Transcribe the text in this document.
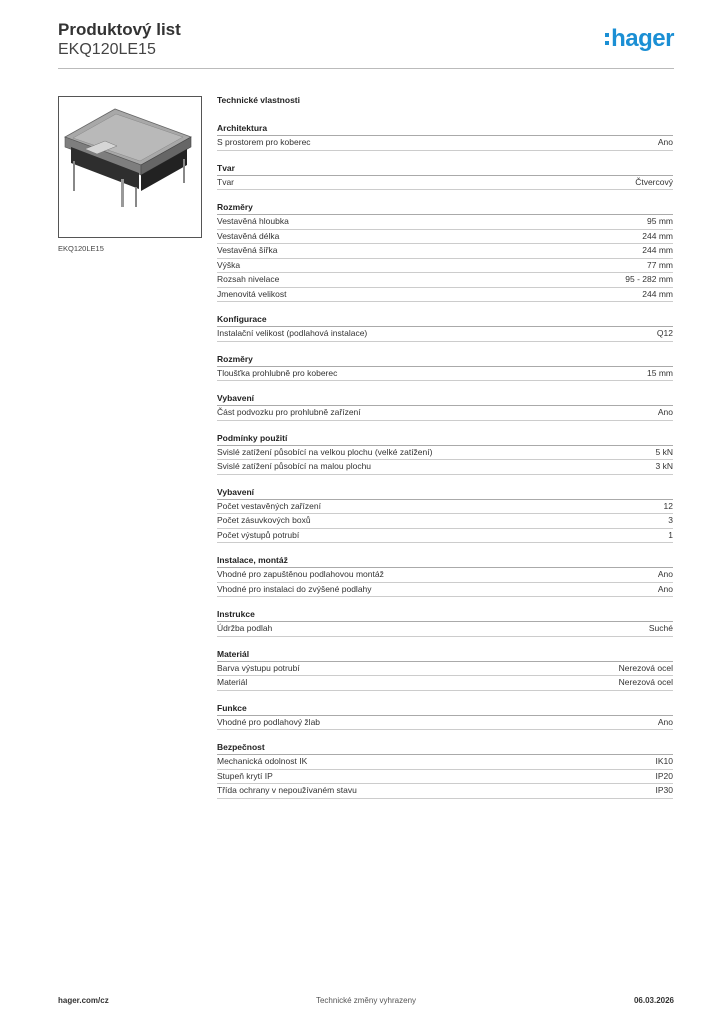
Produktový list
EKQ120LE15	hager
EKQ120LE15
Technické vlastnosti
Architektura
S prostorem pro koberec	Ano
Tvar
Tvar	Čtvercový
Rozměry
Vestavěná hloubka	95 mm
Vestavěná délka	244 mm
Vestavěná šířka	244 mm
Výška	77 mm
Rozsah nivelace	95 - 282 mm
Jmenovitá velikost	244 mm
Konfigurace
Instalační velikost (podlahová instalace)	Q12
Rozměry
Tloušťka prohlubně pro koberec	15 mm
Vybavení
Část podvozku pro prohlubně zařízení	Ano
Podmínky použití
Svislé zatížení působící na velkou plochu (velké zatížení)	5 kN
Svislé zatížení působící na malou plochu	3 kN
Vybavení
Počet vestavěných zařízení	12
Počet zásuvkových boxů	3
Počet výstupů potrubí	1
Instalace, montáž
Vhodné pro zapuštěnou podlahovou montáž	Ano
Vhodné pro instalaci do zvýšené podlahy	Ano
Instrukce
Údržba podlah	Suché
Materiál
Barva výstupu potrubí	Nerezová ocel
Materiál	Nerezová ocel
Funkce
Vhodné pro podlahový žlab	Ano
Bezpečnost
Mechanická odolnost IK	IK10
Stupeň krytí IP	IP20
Třída ochrany v nepoužívaném stavu	IP30
Technické změny vyhrazeny
hager.com/cz	06.03.2026
